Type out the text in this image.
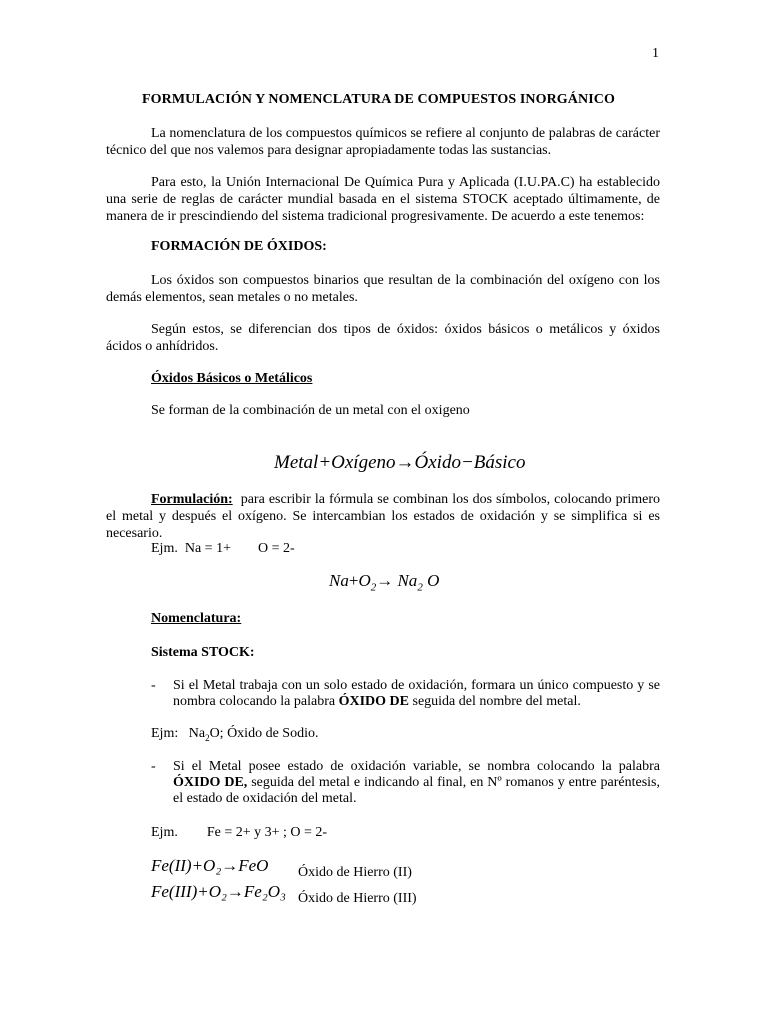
1
FORMULACIÓN Y NOMENCLATURA DE COMPUESTOS INORGÁNICO
La nomenclatura de los compuestos químicos se refiere al conjunto de palabras de carácter técnico del que nos valemos para designar apropiadamente todas las sustancias.
Para esto, la Unión Internacional De Química Pura y Aplicada (I.U.PA.C) ha establecido una serie de reglas de carácter mundial basada en el sistema STOCK aceptado últimamente, de manera de ir prescindiendo del sistema tradicional progresivamente. De acuerdo a este tenemos:
FORMACIÓN DE ÓXIDOS:
Los óxidos son compuestos binarios que resultan de la combinación del oxígeno con los demás elementos, sean metales o no metales.
Según estos, se diferencian dos tipos de óxidos: óxidos básicos o metálicos y óxidos ácidos o anhídridos.
Óxidos Básicos o Metálicos
Se forman de la combinación de un metal con el oxigeno
Metal+Oxígeno→Óxido−Básico
Formulación: para escribir la fórmula se combinan los dos símbolos, colocando primero el metal y después el oxígeno. Se intercambian los estados de oxidación y se simplifica si es necesario.
Ejm. Na = 1+ O = 2-
$Na+O_2\to Na_2$ O
Nomenclatura:
Sistema STOCK:
- Si el Metal trabaja con un solo estado de oxidación, formara un único compuesto y se nombra colocando la palabra ÓXIDO DE seguida del nombre del metal.
Ejm: $Na_2O$; Óxido de Sodio.
- Si el Metal posee estado de oxidación variable, se nombra colocando la palabra ÓXIDO DE, seguida del metal e indicando al final, en Nº romanos y entre paréntesis, el estado de oxidación del metal.
Ejm. Fe = 2+ y 3+ ; O = 2-
Fe(II)+O₂→FeO Óxido de Hierro (II)
Fe(III)+O₂→Fe₂O₃ Óxido de Hierro (III)
